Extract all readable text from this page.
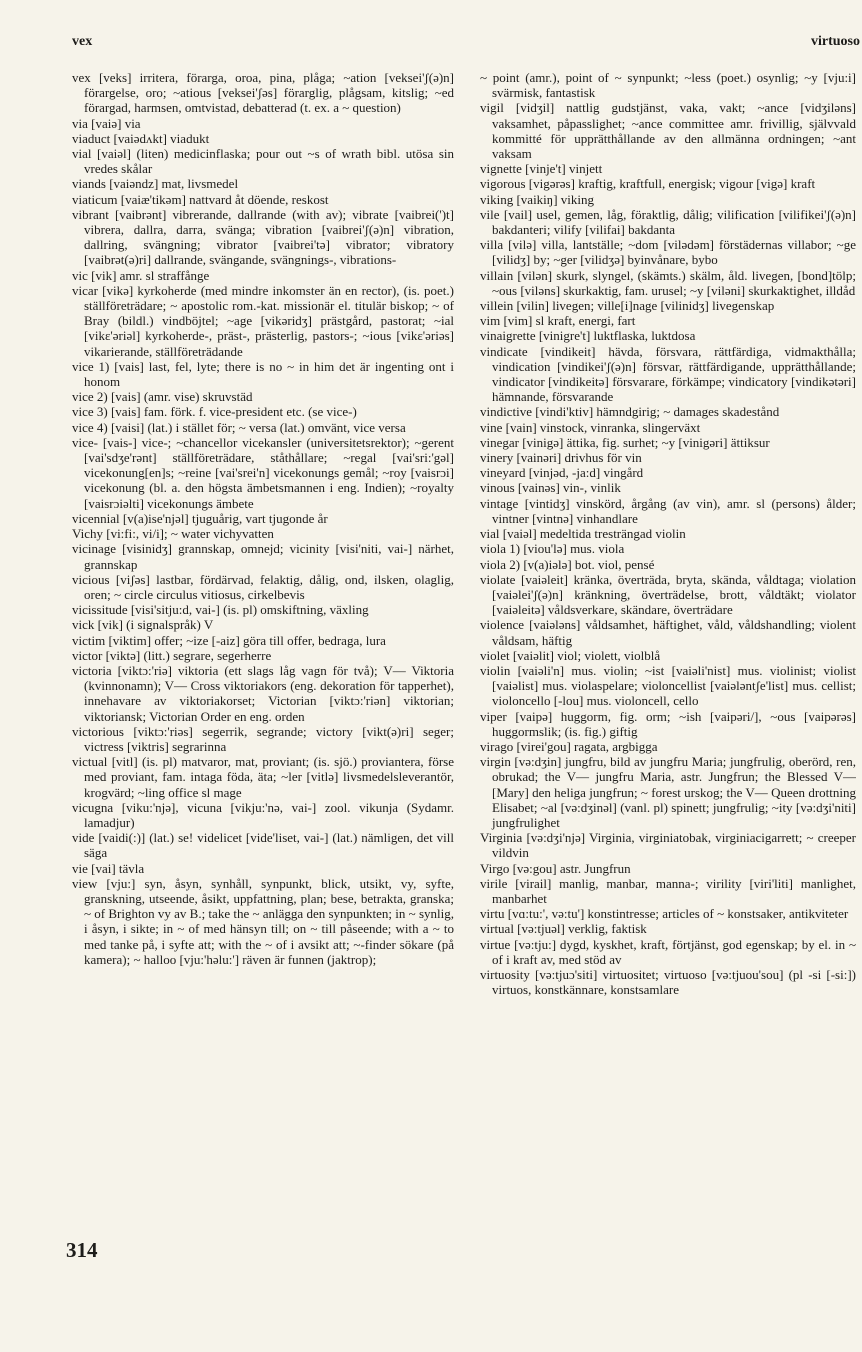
vex	virtuoso

vex [veks] irritera, förarga, oroa, pina, plåga; ~ation [veksei'ʃ(ə)n] förargelse, oro; ~atious [veksei'ʃəs] förarglig, plågsam, kitslig; ~ed förargad, harmsen, omtvistad, debatterad (t. ex. a ~ question)

via [vaiə] via

viaduct [vaiədʌkt] viadukt

vial [vaiəl] (liten) medicinflaska; pour out ~s of wrath bibl. utösa sin vredes skålar

viands [vaiəndz] mat, livsmedel

viaticum [vaiæ'tikəm] nattvard åt döende, reskost

vibrant [vaibrənt] vibrerande, dallrande (with av); vibrate [vaibrei(')t] vibrera, dallra, darra, svänga; vibration [vaibrei'ʃ(ə)n] vibration, dallring, svängning; vibrator [vaibrei'tə] vibrator; vibratory [vaibrət(ə)ri] dallrande, svängande, svängnings-, vibrations-

vic [vik] amr. sl straffånge

vicar [vikə] kyrkoherde (med mindre inkomster än en rector), (is. poet.) ställföreträdare; ~ apostolic rom.-kat. missionär el. titulär biskop; ~ of Bray (bildl.) vindböjtel; ~age [vikəridʒ] prästgård, pastorat; ~ial [vikɛ'əriəl] kyrkoherde-, präst-, prästerlig, pastors-; ~ious [vikɛ'əriəs] vikarierande, ställföreträdande

vice 1) [vais] last, fel, lyte; there is no ~ in him det är ingenting ont i honom

vice 2) [vais] (amr. vise) skruvstäd

vice 3) [vais] fam. förk. f. vice-president etc. (se vice-)

vice 4) [vaisi] (lat.) i stället för; ~ versa (lat.) omvänt, vice versa

vice- [vais-] vice-; ~chancellor vicekansler (universitetsrektor); ~gerent [vai'sdʒe'rənt] ställföreträdare, ståthållare; ~regal [vai'sri:'gəl] vicekonung[en]s; ~reine [vai'srei'n] vicekonungs gemål; ~roy [vaisrɔi] vicekonung (bl. a. den högsta ämbetsmannen i eng. Indien); ~royalty [vaisrɔiəlti] vicekonungs ämbete

vicennial [v(a)ise'njəl] tjuguårig, vart tjugonde år

Vichy [vi:fi:, vi/i]; ~ water vichyvatten

vicinage [visinidʒ] grannskap, omnejd; vicinity [visi'niti, vai-] närhet, grannskap

vicious [viʃəs] lastbar, fördärvad, felaktig, dålig, ond, ilsken, olaglig, oren; ~ circle circulus vitiosus, cirkelbevis

vicissitude [visi'sitju:d, vai-] (is. pl) omskiftning, växling

vick [vik] (i signalspråk) V

victim [viktim] offer; ~ize [-aiz] göra till offer, bedraga, lura

victor [viktə] (litt.) segrare, segerherre

victoria [viktɔ:'riə] viktoria (ett slags låg vagn för två); V— Viktoria (kvinnonamn); V— Cross viktoriakors (eng. dekoration för tapperhet), innehavare av viktoriakorset; Victorian [viktɔ:'riən] viktorian; viktoriansk; Victorian Order en eng. orden

victorious [viktɔ:'riəs] segerrik, segrande; victory [vikt(ə)ri] seger; victress [viktris] segrarinna

victual [vitl] (is. pl) matvaror, mat, proviant; (is. sjö.) proviantera, förse med proviant, fam. intaga föda, äta; ~ler [vitlə] livsmedelsleverantör, krogvärd; ~ling office sl mage

vicugna [viku:'njə], vicuna [vikju:'nə, vai-] zool. vikunja (Sydamr. lamadjur)

vide [vaidi(:)] (lat.) se! videlicet [vide'liset, vai-] (lat.) nämligen, det vill säga

vie [vai] tävla

view [vju:] syn, åsyn, synhåll, synpunkt, blick, utsikt, vy, syfte, granskning, utseende, åsikt, uppfattning, plan; bese, betrakta, granska; ~ of Brighton vy av B.; take the ~ anlägga den synpunkten; in ~ synlig, i åsyn, i sikte; in ~ of med hänsyn till; on ~ till påseende; with a ~ to med tanke på, i syfte att; with the ~ of i avsikt att; ~-finder sökare (på kamera); ~ halloo [vju:'həlu:'] räven är funnen (jaktrop);

~ point (amr.), point of ~ synpunkt; ~less (poet.) osynlig; ~y [vju:i] svärmisk, fantastisk

vigil [vidʒil] nattlig gudstjänst, vaka, vakt; ~ance [vidʒiləns] vaksamhet, påpasslighet; ~ance committee amr. frivillig, självvald kommitté för upprätthållande av den allmänna ordningen; ~ant vaksam

vignette [vinje't] vinjett

vigorous [vigərəs] kraftig, kraftfull, energisk; vigour [vigə] kraft

viking [vaikiŋ] viking

vile [vail] usel, gemen, låg, föraktlig, dålig; vilification [vilifikei'ʃ(ə)n] bakdanteri; vilify [vilifai] bakdanta

villa [vilə] villa, lantställe; ~dom [vilədəm] förstädernas villabor; ~ge [vilidʒ] by; ~ger [vilidʒə] byinvånare, bybo

villain [vilən] skurk, slyngel, (skämts.) skälm, åld. livegen, [bond]tölp; ~ous [viləns] skurkaktig, fam. urusel; ~y [viləni] skurkaktighet, illdåd

villein [vilin] livegen; ville[i]nage [vilinidʒ] livegenskap

vim [vim] sl kraft, energi, fart

vinaigrette [vinigre't] luktflaska, luktdosa

vindicate [vindikeit] hävda, försvara, rättfärdiga, vidmakthålla; vindication [vindikei'ʃ(ə)n] försvar, rättfärdigande, upprätthållande; vindicator [vindikeitə] försvarare, förkämpe; vindicatory [vindikətəri] hämnande, försvarande

vindictive [vindi'ktiv] hämndgirig; ~ damages skadestånd

vine [vain] vinstock, vinranka, slingerväxt

vinegar [vinigə] ättika, fig. surhet; ~y [vinigəri] ättiksur

vinery [vainəri] drivhus för vin

vineyard [vinjəd, -ja:d] vingård

vinous [vainəs] vin-, vinlik

vintage [vintidʒ] vinskörd, årgång (av vin), amr. sl (persons) ålder; vintner [vintnə] vinhandlare

vial [vaiəl] medeltida tresträngad violin

viola 1) [viou'lə] mus. viola

viola 2) [v(a)iələ] bot. viol, pensé

violate [vaiəleit] kränka, överträda, bryta, skända, våldtaga; violation [vaiəlei'ʃ(ə)n] kränkning, överträdelse, brott, våldtäkt; violator [vaiəleitə] våldsverkare, skändare, överträdare

violence [vaiələns] våldsamhet, häftighet, våld, våldshandling; violent våldsam, häftig

violet [vaiəlit] viol; violett, violblå

violin [vaiəli'n] mus. violin; ~ist [vaiəli'nist] mus. violinist; violist [vaiəlist] mus. violaspelare; violoncellist [vaiələntʃe'list] mus. cellist; violoncello [-lou] mus. violoncell, cello

viper [vaipə] huggorm, fig. orm; ~ish [vaipəri/], ~ous [vaipərəs] huggormslik; (is. fig.) giftig

virago [virei'gou] ragata, argbigga

virgin [və:dʒin] jungfru, bild av jungfru Maria; jungfrulig, oberörd, ren, obrukad; the V— jungfru Maria, astr. Jungfrun; the Blessed V— [Mary] den heliga jungfrun; ~ forest urskog; the V— Queen drottning Elisabet; ~al [və:dʒinəl] (vanl. pl) spinett; jungfrulig; ~ity [və:dʒi'niti] jungfrulighet

Virginia [və:dʒi'njə] Virginia, virginiatobak, virginiacigarrett; ~ creeper vildvin

Virgo [və:gou] astr. Jungfrun

virile [virail] manlig, manbar, manna-; virility [viri'liti] manlighet, manbarhet

virtu [vɑ:tu:', və:tu'] konstintresse; articles of ~ konstsaker, antikviteter

virtual [və:tjuəl] verklig, faktisk

virtue [və:tju:] dygd, kyskhet, kraft, förtjänst, god egenskap; by el. in ~ of i kraft av, med stöd av

virtuosity [və:tjuɔ'siti] virtuositet; virtuoso [və:tjuou'sou] (pl -si [-si:]) virtuos, konstkännare, konstsamlare

314
